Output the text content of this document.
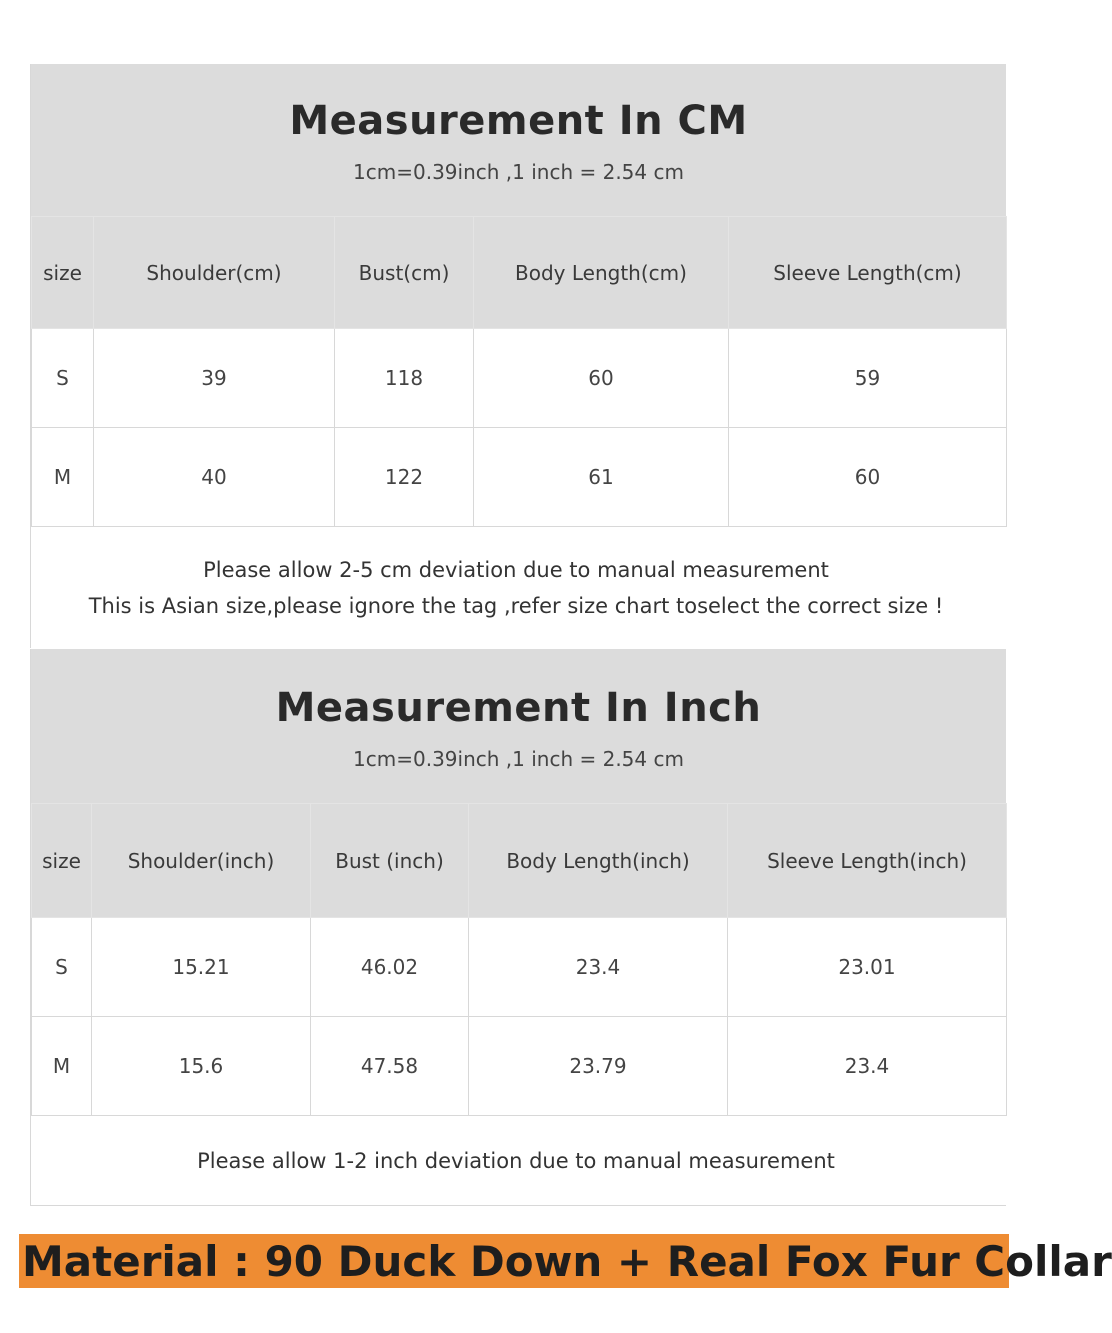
Measurement In CM
1cm=0.39inch ,1 inch = 2.54 cm
size	Shoulder(cm)	Bust(cm)	Body Length(cm)	Sleeve Length(cm)
S	39	118	60	59
M	40	122	61	60
Please allow 2-5 cm deviation due to manual measurement
This is Asian size,please ignore the tag ,refer size chart toselect the correct size !
Measurement In Inch
1cm=0.39inch ,1 inch = 2.54 cm
size	Shoulder(inch)	Bust (inch)	Body Length(inch)	Sleeve Length(inch)
S	15.21	46.02	23.4	23.01
M	15.6	47.58	23.79	23.4
Please allow 1-2 inch deviation due to manual measurement
Material : 90 Duck Down + Real Fox Fur Collar
